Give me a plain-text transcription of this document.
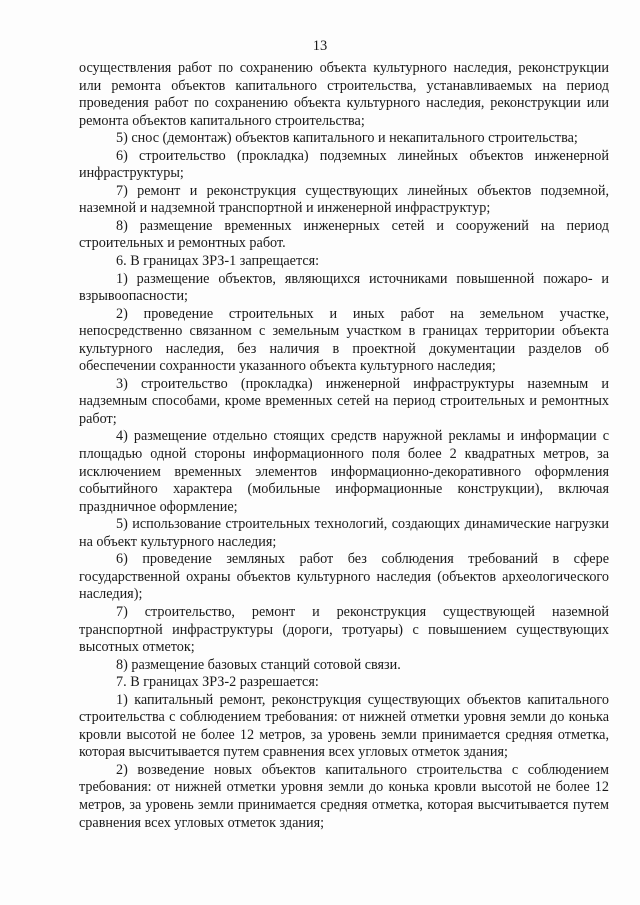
13

осуществления работ по сохранению объекта культурного наследия, реконструкции или ремонта объектов капитального строительства, устанавливаемых на период проведения работ по сохранению объекта культурного наследия, реконструкции или ремонта объектов капитального строительства;

5) снос (демонтаж) объектов капитального и некапитального строительства;

6) строительство (прокладка) подземных линейных объектов инженерной инфраструктуры;

7) ремонт и реконструкция существующих линейных объектов подземной, наземной и надземной транспортной и инженерной инфраструктур;

8) размещение временных инженерных сетей и сооружений на период строительных и ремонтных работ.

6. В границах ЗРЗ-1 запрещается:

1) размещение объектов, являющихся источниками повышенной пожаро- и взрывоопасности;

2) проведение строительных и иных работ на земельном участке, непосредственно связанном с земельным участком в границах территории объекта культурного наследия, без наличия в проектной документации разделов об обеспечении сохранности указанного объекта культурного наследия;

3) строительство (прокладка) инженерной инфраструктуры наземным и надземным способами, кроме временных сетей на период строительных и ремонтных работ;

4) размещение отдельно стоящих средств наружной рекламы и информации с площадью одной стороны информационного поля более 2 квадратных метров, за исключением временных элементов информационно-декоративного оформления событийного характера (мобильные информационные конструкции), включая праздничное оформление;

5) использование строительных технологий, создающих динамические нагрузки на объект культурного наследия;

6) проведение земляных работ без соблюдения требований в сфере государственной охраны объектов культурного наследия (объектов археологического наследия);

7) строительство, ремонт и реконструкция существующей наземной транспортной инфраструктуры (дороги, тротуары) с повышением существующих высотных отметок;

8) размещение базовых станций сотовой связи.

7. В границах ЗРЗ-2 разрешается:

1) капитальный ремонт, реконструкция существующих объектов капитального строительства с соблюдением требования: от нижней отметки уровня земли до конька кровли высотой не более 12 метров, за уровень земли принимается средняя отметка, которая высчитывается путем сравнения всех угловых отметок здания;

2) возведение новых объектов капитального строительства с соблюдением требования: от нижней отметки уровня земли до конька кровли высотой не более 12 метров, за уровень земли принимается средняя отметка, которая высчитывается путем сравнения всех угловых отметок здания;
